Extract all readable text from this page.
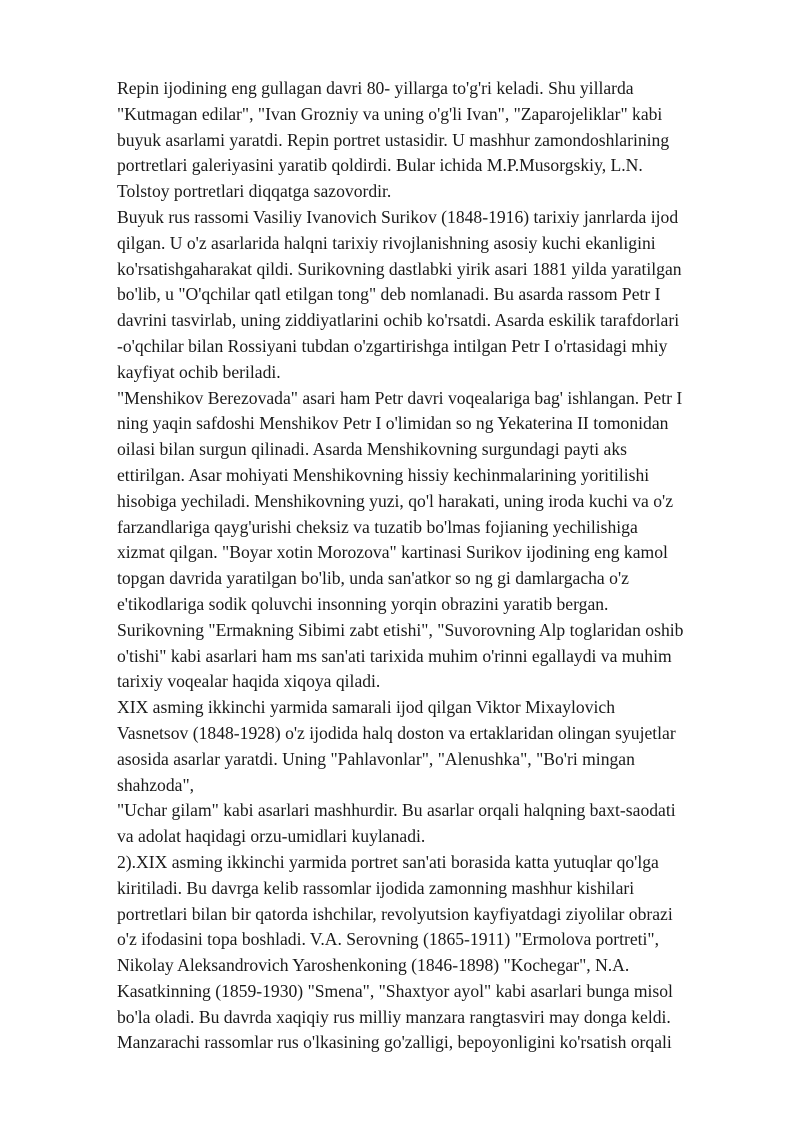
Repin ijodining eng gullagan davri 80- yillarga to'g'ri keladi. Shu yillarda
"Kutmagan edilar", "Ivan Grozniy va uning o'g'li Ivan", "Zaparojeliklar" kabi
buyuk asarlami yaratdi. Repin portret ustasidir. U mashhur zamondoshlarining
portretlari galeriyasini yaratib qoldirdi. Bular ichida M.P.Musorgskiy, L.N.
Tolstoy portretlari diqqatga sazovordir.
Buyuk rus rassomi Vasiliy Ivanovich Surikov (1848-1916) tarixiy janrlarda ijod
qilgan. U o'z asarlarida halqni tarixiy rivojlanishning asosiy kuchi ekanligini
ko'rsatishgaharakat qildi. Surikovning dastlabki yirik asari 1881 yilda yaratilgan
bo'lib, u "O'qchilar qatl etilgan tong" deb nomlanadi. Bu asarda rassom Petr I
davrini tasvirlab, uning ziddiyatlarini ochib ko'rsatdi. Asarda eskilik tarafdorlari
-o'qchilar bilan Rossiyani tubdan o'zgartirishga intilgan Petr I o'rtasidagi mhiy
kayfiyat ochib beriladi.
"Menshikov Berezovada" asari ham Petr davri voqealariga bag' ishlangan. Petr I
ning yaqin safdoshi Menshikov Petr I o'limidan so ng Yekaterina II tomonidan
oilasi bilan surgun qilinadi. Asarda Menshikovning surgundagi payti aks
ettirilgan. Asar mohiyati Menshikovning hissiy kechinmalarining yoritilishi
hisobiga yechiladi. Menshikovning yuzi, qo'l harakati, uning iroda kuchi va o'z
farzandlariga qayg'urishi cheksiz va tuzatib bo'lmas fojianing yechilishiga
xizmat qilgan. "Boyar xotin Morozova" kartinasi Surikov ijodining eng kamol
topgan davrida yaratilgan bo'lib, unda san'atkor so ng gi damlargacha o'z
e'tikodlariga sodik qoluvchi insonning yorqin obrazini yaratib bergan.
Surikovning "Ermakning Sibimi zabt etishi", "Suvorovning Alp toglaridan oshib
o'tishi" kabi asarlari ham ms san'ati tarixida muhim o'rinni egallaydi va muhim
tarixiy voqealar haqida xiqoya qiladi.
XIX asming ikkinchi yarmida samarali ijod qilgan Viktor Mixaylovich
Vasnetsov (1848-1928) o'z ijodida halq doston va ertaklaridan olingan syujetlar
asosida asarlar yaratdi. Uning "Pahlavonlar", "Alenushka", "Bo'ri mingan
shahzoda",
"Uchar gilam" kabi asarlari mashhurdir. Bu asarlar orqali halqning baxt-saodati
va adolat haqidagi orzu-umidlari kuylanadi.
2).XIX asming ikkinchi yarmida portret san'ati borasida katta yutuqlar qo'lga
kiritiladi. Bu davrga kelib rassomlar ijodida zamonning mashhur kishilari
portretlari bilan bir qatorda ishchilar, revolyutsion kayfiyatdagi ziyolilar obrazi
o'z ifodasini topa boshladi. V.A. Serovning (1865-1911) "Ermolova portreti",
Nikolay Aleksandrovich Yaroshenkoning (1846-1898) "Kochegar", N.A.
Kasatkinning (1859-1930) "Smena", "Shaxtyor ayol" kabi asarlari bunga misol
bo'la oladi. Bu davrda xaqiqiy rus milliy manzara rangtasviri may donga keldi.
Manzarachi rassomlar rus o'lkasining go'zalligi, bepoyonligini ko'rsatish orqali
